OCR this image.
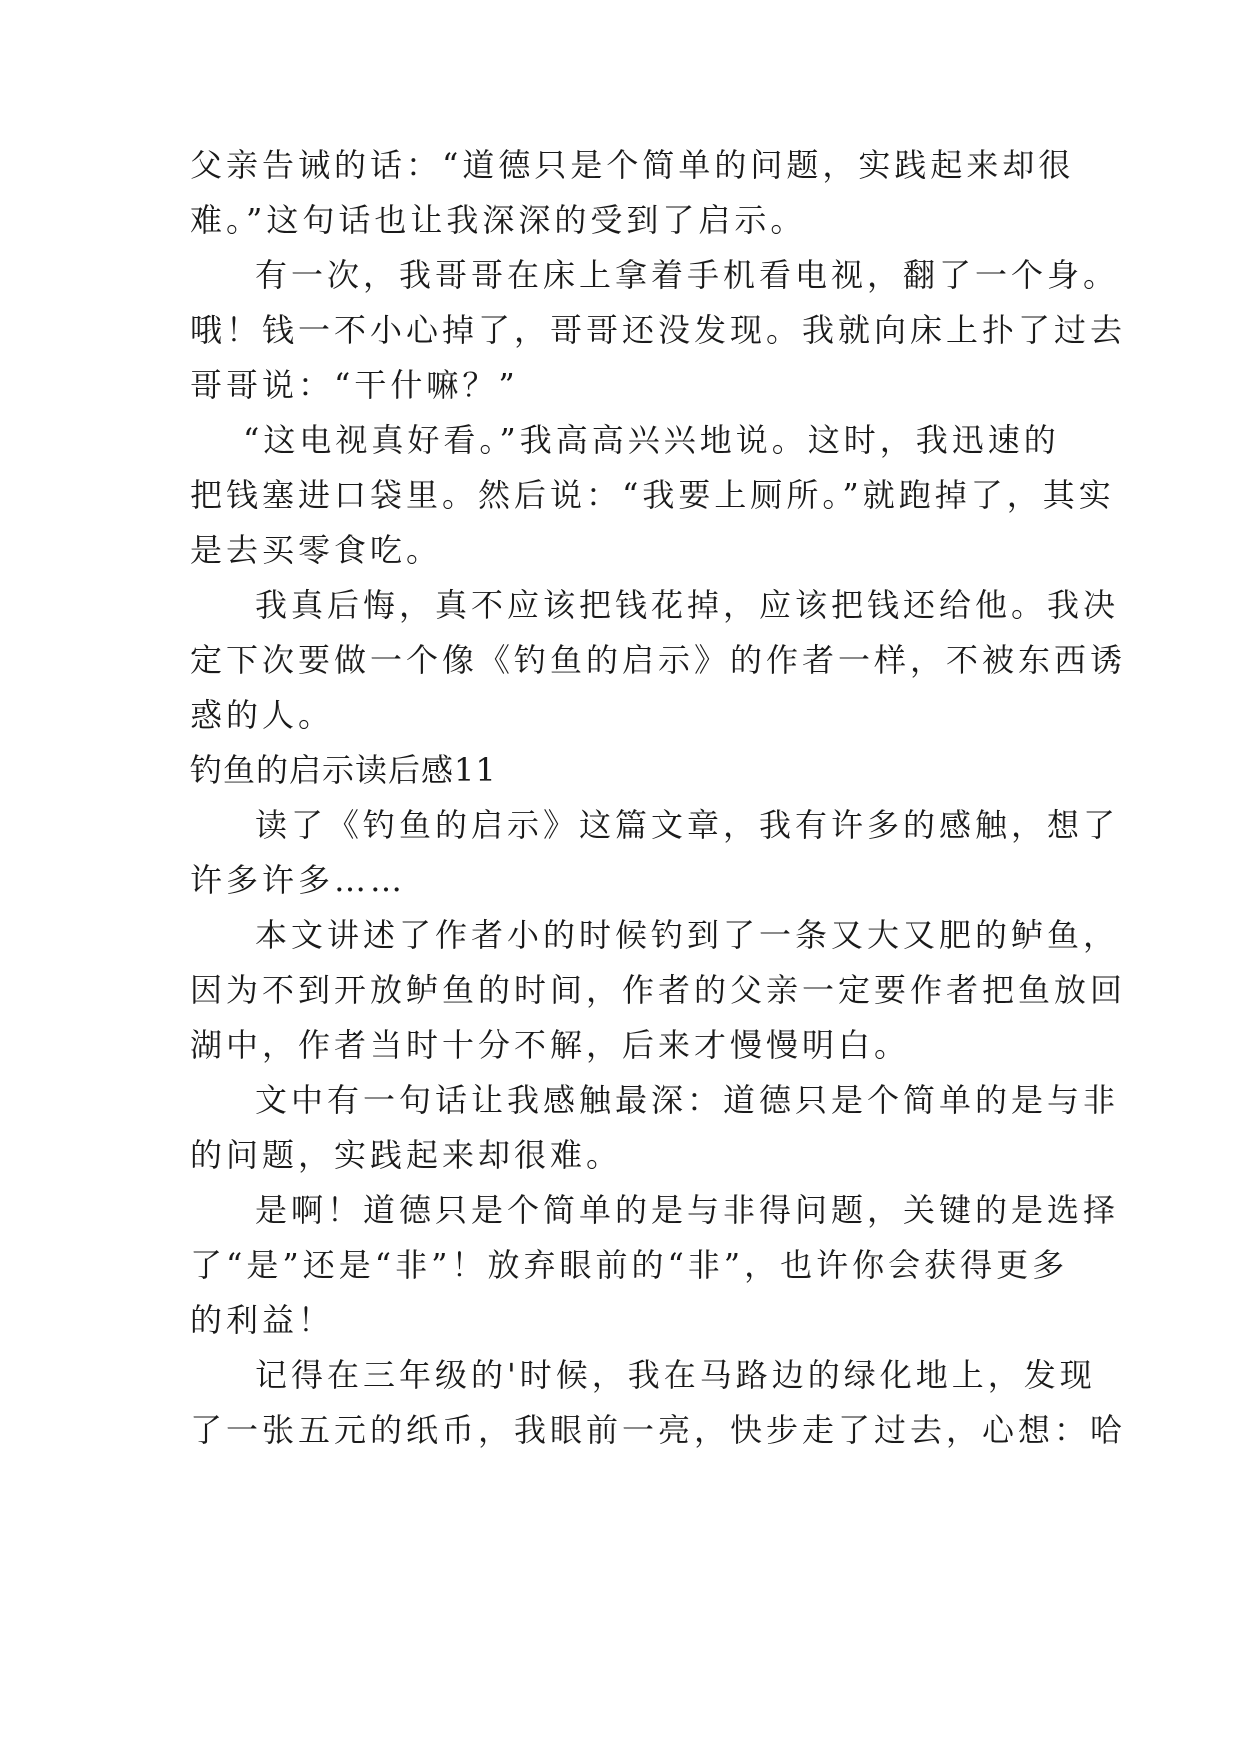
父亲告诫的话：“道德只是个简单的问题，实践起来却很
难。”这句话也让我深深的受到了启示。
有一次，我哥哥在床上拿着手机看电视，翻了一个身。
哦！钱一不小心掉了，哥哥还没发现。我就向床上扑了过去
哥哥说：“干什嘛？”
“这电视真好看。”我高高兴兴地说。这时，我迅速的
把钱塞进口袋里。然后说：“我要上厕所。”就跑掉了，其实
是去买零食吃。
我真后悔，真不应该把钱花掉，应该把钱还给他。我决
定下次要做一个像《钓鱼的启示》的作者一样，不被东西诱
惑的人。
钓鱼的启示读后感11
读了《钓鱼的启示》这篇文章，我有许多的感触，想了
许多许多……
本文讲述了作者小的时候钓到了一条又大又肥的鲈鱼，
因为不到开放鲈鱼的时间，作者的父亲一定要作者把鱼放回
湖中，作者当时十分不解，后来才慢慢明白。
文中有一句话让我感触最深：道德只是个简单的是与非
的问题，实践起来却很难。
是啊！道德只是个简单的是与非得问题，关键的是选择
了“是”还是“非”！放弃眼前的“非”，也许你会获得更多
的利益！
记得在三年级的'时候，我在马路边的绿化地上，发现
了一张五元的纸币，我眼前一亮，快步走了过去，心想：哈
